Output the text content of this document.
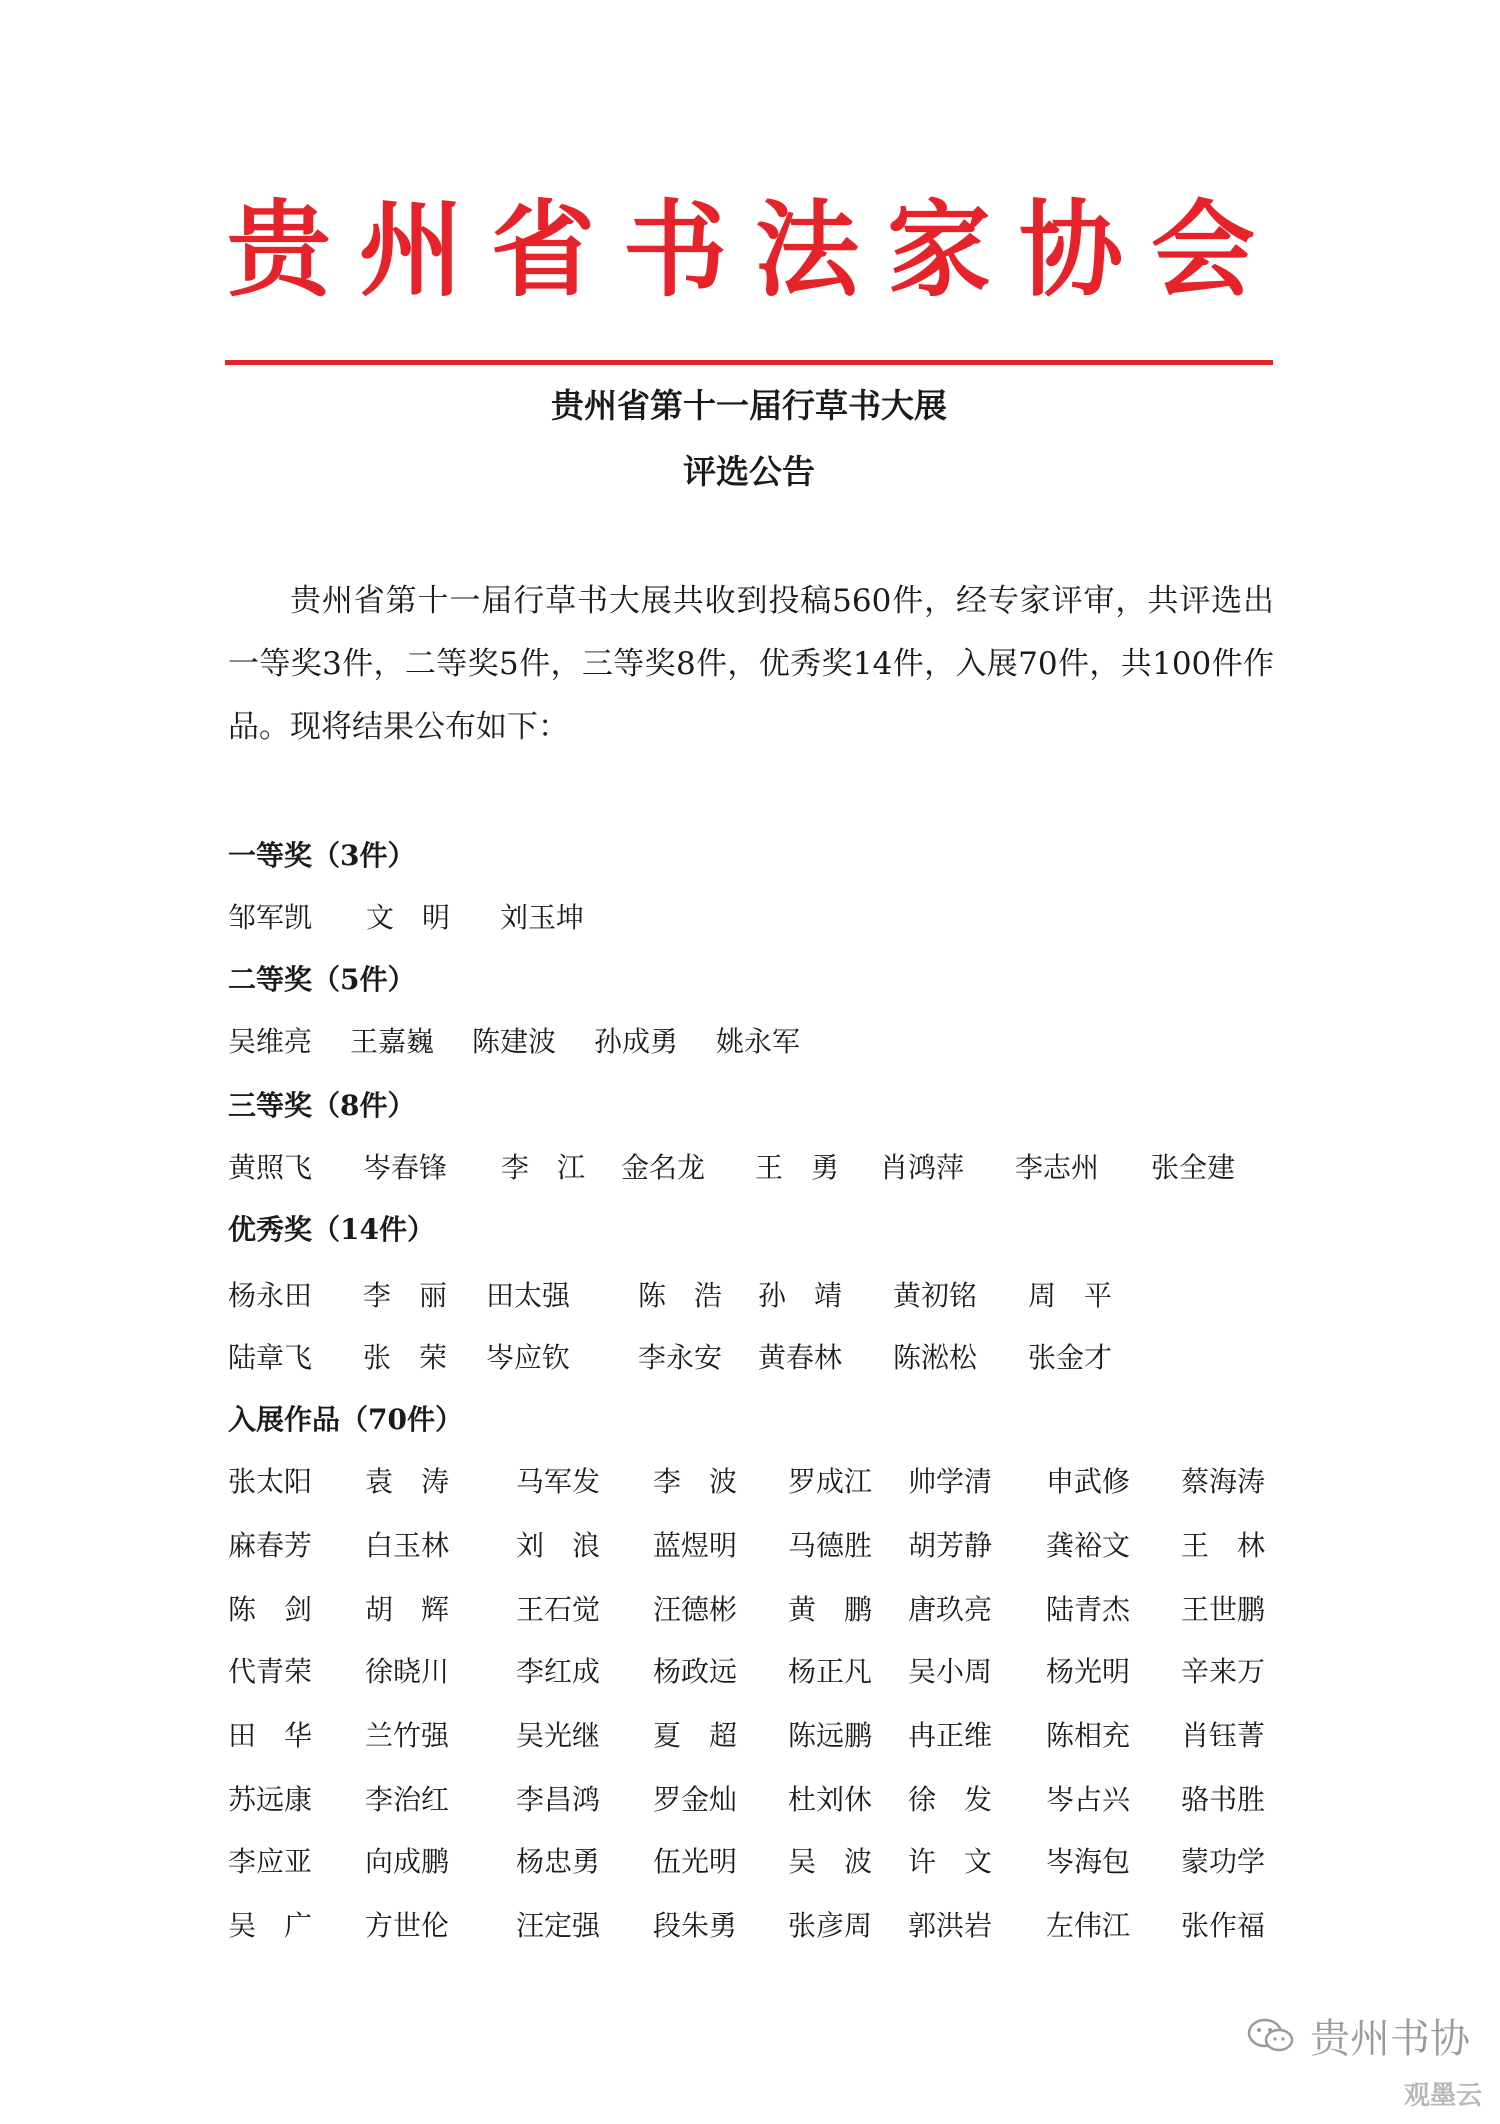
贵州省书法家协会
贵州省第十一届行草书大展
评选公告

贵州省第十一届行草书大展共收到投稿560件，经专家评审，共评选出一等奖3件，二等奖5件，三等奖8件，优秀奖14件，入展70件，共100件作品。现将结果公布如下：

一等奖（3件）
邹军凯 文　明 刘玉坤
二等奖（5件）
吴维亮 王嘉巍 陈建波 孙成勇 姚永军
三等奖（8件）
黄照飞 岑春锋 李　江 金名龙 王　勇 肖鸿萍 李志州 张全建
优秀奖（14件）
杨永田 李　丽 田太强 陈　浩 孙　靖 黄初铭 周　平
陆章飞 张　荣 岑应钦 李永安 黄春林 陈淞松 张金才
入展作品（70件）
张太阳 袁　涛 马军发 李　波 罗成江 帅学清 申武修 蔡海涛
麻春芳 白玉林 刘　浪 蓝煜明 马德胜 胡芳静 龚裕文 王　林
陈　剑 胡　辉 王石觉 汪德彬 黄　鹏 唐玖亮 陆青杰 王世鹏
代青荣 徐晓川 李红成 杨政远 杨正凡 吴小周 杨光明 辛来万
田　华 兰竹强 吴光继 夏　超 陈远鹏 冉正维 陈相充 肖钰菁
苏远康 李治红 李昌鸿 罗金灿 杜刘休 徐　发 岑占兴 骆书胜
李应亚 向成鹏 杨忠勇 伍光明 吴　波 许　文 岑海包 蒙功学
吴　广 方世伦 汪定强 段朱勇 张彦周 郭洪岩 左伟江 张作福
贵州书协
观墨云
